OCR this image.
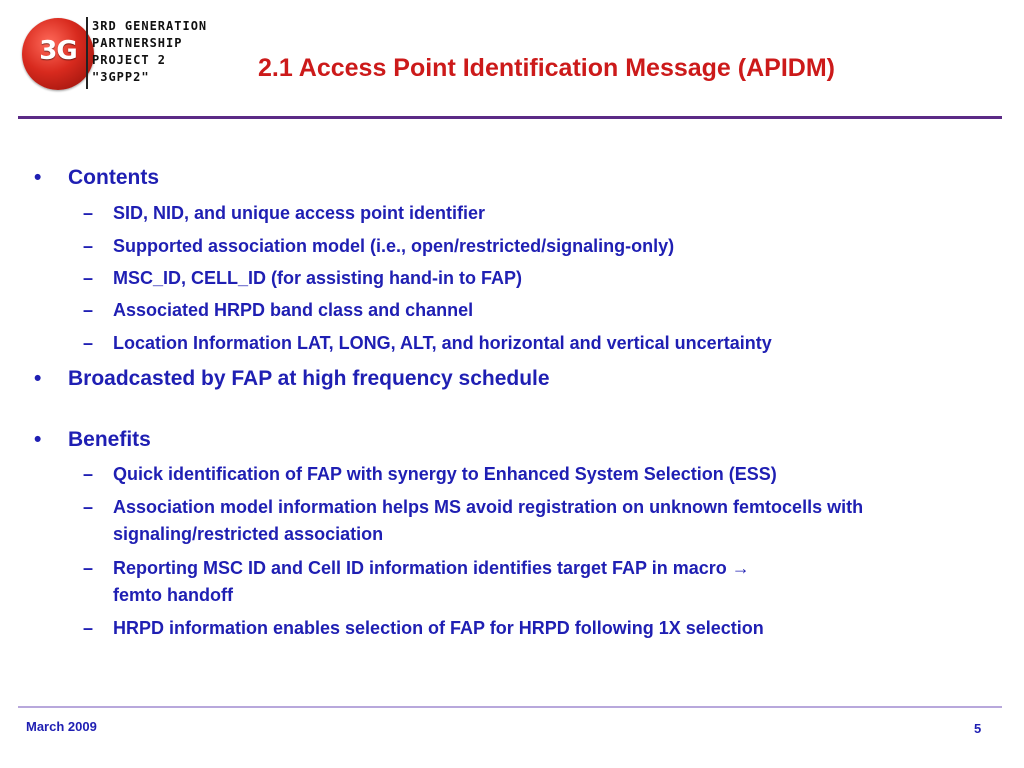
3G
3RD GENERATION
PARTNERSHIP
PROJECT 2
"3GPP2"	2.1 Access Point Identification Message (APIDM)
• Contents
– SID, NID, and unique access point identifier
– Supported association model (i.e., open/restricted/signaling-only)
– MSC_ID, CELL_ID (for assisting hand-in to FAP)
– Associated HRPD band class and channel
– Location Information LAT, LONG, ALT, and horizontal and vertical uncertainty
• Broadcasted by FAP at high frequency schedule
• Benefits
– Quick identification of FAP with synergy to Enhanced System Selection (ESS)
– Association model information helps MS avoid registration on unknown femtocells with signaling/restricted association
– Reporting MSC ID and Cell ID information identifies target FAP in macro →
femto handoff
– HRPD information enables selection of FAP for HRPD following 1X selection
March 2009	5
